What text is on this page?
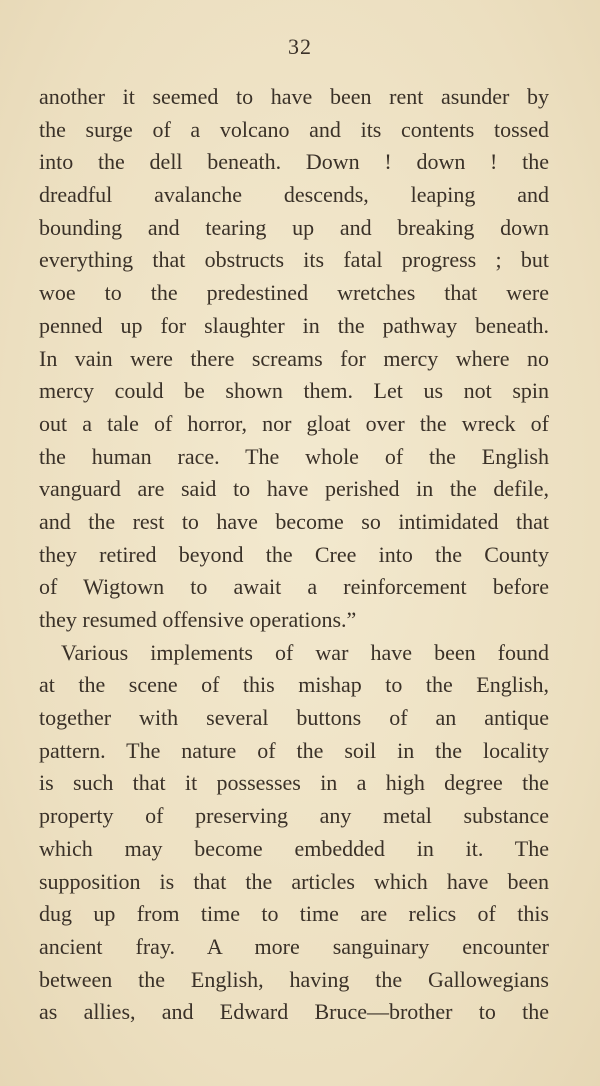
32
another it seemed to have been rent asunder by
the surge of a volcano and its contents tossed
into the dell beneath. Down ! down ! the
dreadful avalanche descends, leaping and
bounding and tearing up and breaking down
everything that obstructs its fatal progress ; but
woe to the predestined wretches that were
penned up for slaughter in the pathway beneath.
In vain were there screams for mercy where no
mercy could be shown them. Let us not spin
out a tale of horror, nor gloat over the wreck of
the human race. The whole of the English
vanguard are said to have perished in the defile,
and the rest to have become so intimidated that
they retired beyond the Cree into the County
of Wigtown to await a reinforcement before
they resumed offensive operations.”
Various implements of war have been found
at the scene of this mishap to the English,
together with several buttons of an antique
pattern. The nature of the soil in the locality
is such that it possesses in a high degree the
property of preserving any metal substance
which may become embedded in it. The
supposition is that the articles which have been
dug up from time to time are relics of this
ancient fray. A more sanguinary encounter
between the English, having the Gallowegians
as allies, and Edward Bruce—brother to the
